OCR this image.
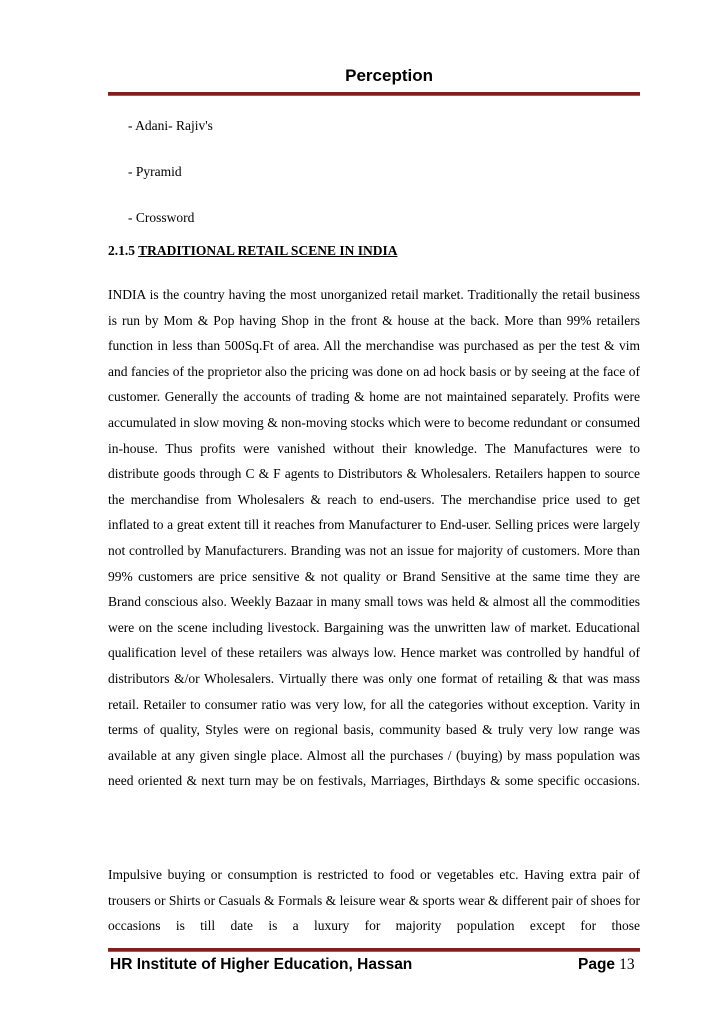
Perception
- Adani- Rajiv's
- Pyramid
- Crossword
2.1.5 TRADITIONAL RETAIL SCENE IN INDIA
INDIA is the country having the most unorganized retail market. Traditionally the retail business is run by Mom & Pop having Shop in the front & house at the back. More than 99% retailers function in less than 500Sq.Ft of area. All the merchandise was purchased as per the test & vim and fancies of the proprietor also the pricing was done on ad hock basis or by seeing at the face of customer. Generally the accounts of trading & home are not maintained separately. Profits were accumulated in slow moving & non-moving stocks which were to become redundant or consumed in-house. Thus profits were vanished without their knowledge. The Manufactures were to distribute goods through C & F agents to Distributors & Wholesalers. Retailers happen to source the merchandise from Wholesalers & reach to end-users. The merchandise price used to get inflated to a great extent till it reaches from Manufacturer to End-user. Selling prices were largely not controlled by Manufacturers. Branding was not an issue for majority of customers. More than 99% customers are price sensitive & not quality or Brand Sensitive at the same time they are Brand conscious also. Weekly Bazaar in many small tows was held & almost all the commodities were on the scene including livestock. Bargaining was the unwritten law of market. Educational qualification level of these retailers was always low. Hence market was controlled by handful of distributors &/or Wholesalers. Virtually there was only one format of retailing & that was mass retail. Retailer to consumer ratio was very low, for all the categories without exception. Varity in terms of quality, Styles were on regional basis, community based & truly very low range was available at any given single place. Almost all the purchases / (buying) by mass population was need oriented & next turn may be on festivals, Marriages, Birthdays & some specific occasions.
Impulsive buying or consumption is restricted to food or vegetables etc. Having extra pair of trousers or Shirts or Casuals & Formals & leisure wear & sports wear & different pair of shoes for occasions is till date is a luxury for majority population except for those
HR Institute of Higher Education, Hassan	Page 13
